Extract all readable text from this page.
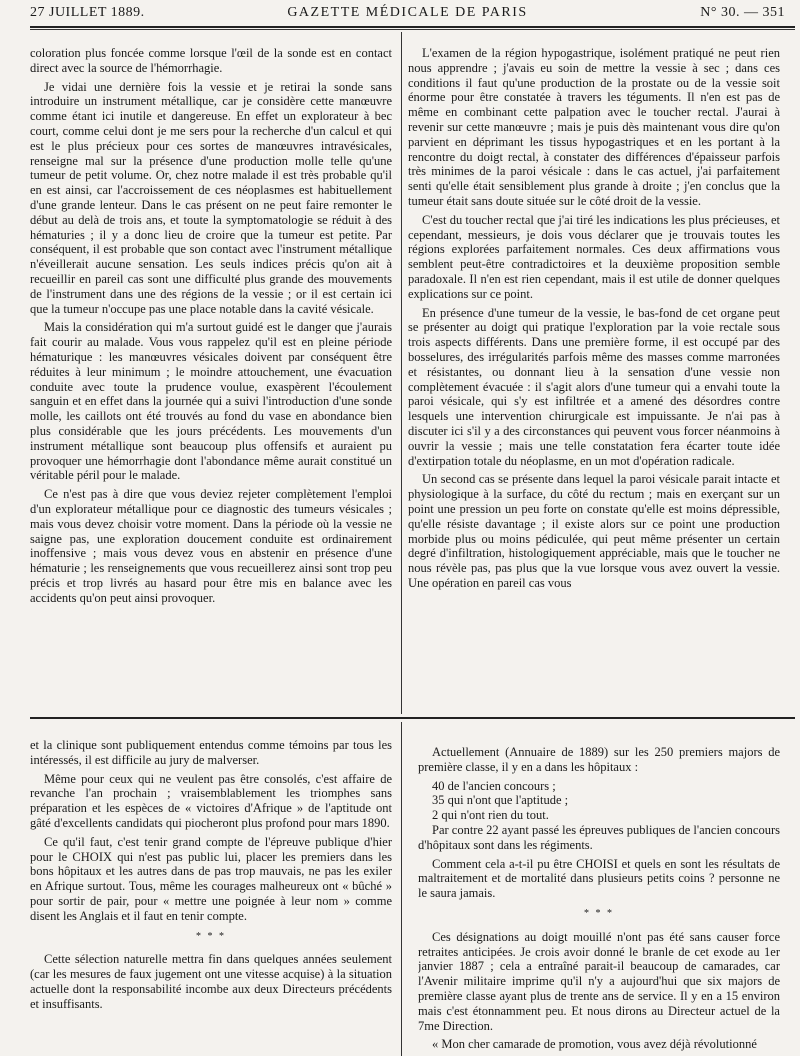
27 JUILLET 1889.	GAZETTE MÉDICALE DE PARIS	N° 30. — 351

coloration plus foncée comme lorsque l'œil de la sonde est en contact direct avec la source de l'hémorrhagie.

Je vidai une dernière fois la vessie et je retirai la sonde sans introduire un instrument métallique, car je considère cette manœuvre comme étant ici inutile et dangereuse. En effet un explorateur à bec court, comme celui dont je me sers pour la recherche d'un calcul et qui est le plus précieux pour ces sortes de manœuvres intravésicales, renseigne mal sur la présence d'une production molle telle qu'une tumeur de petit volume. Or, chez notre malade il est très probable qu'il en est ainsi, car l'accroissement de ces néoplasmes est habituellement d'une grande lenteur. Dans le cas présent on ne peut faire remonter le début au delà de trois ans, et toute la symptomatologie se réduit à des hématuries ; il y a donc lieu de croire que la tumeur est petite. Par conséquent, il est probable que son contact avec l'instrument métallique n'éveillerait aucune sensation. Les seuls indices précis qu'on ait à recueillir en pareil cas sont une difficulté plus grande des mouvements de l'instrument dans une des régions de la vessie ; or il est certain ici que la tumeur n'occupe pas une place notable dans la cavité vésicale.

Mais la considération qui m'a surtout guidé est le danger que j'aurais fait courir au malade. Vous vous rappelez qu'il est en pleine période hématurique : les manœuvres vésicales doivent par conséquent être réduites à leur minimum ; le moindre attouchement, une évacuation conduite avec toute la prudence voulue, exaspèrent l'écoulement sanguin et en effet dans la journée qui a suivi l'introduction d'une sonde molle, les caillots ont été trouvés au fond du vase en abondance bien plus considérable que les jours précédents. Les mouvements d'un instrument métallique sont beaucoup plus offensifs et auraient pu provoquer une hémorrhagie dont l'abondance même aurait constitué un véritable péril pour le malade.

Ce n'est pas à dire que vous deviez rejeter complètement l'emploi d'un explorateur métallique pour ce diagnostic des tumeurs vésicales ; mais vous devez choisir votre moment. Dans la période où la vessie ne saigne pas, une exploration doucement conduite est ordinairement inoffensive ; mais vous devez vous en abstenir en présence d'une hématurie ; les renseignements que vous recueillerez ainsi sont trop peu précis et trop livrés au hasard pour être mis en balance avec les accidents qu'on peut ainsi provoquer.

L'examen de la région hypogastrique, isolément pratiqué ne peut rien nous apprendre ; j'avais eu soin de mettre la vessie à sec ; dans ces conditions il faut qu'une production de la prostate ou de la vessie soit énorme pour être constatée à travers les téguments. Il n'en est pas de même en combinant cette palpation avec le toucher rectal. J'aurai à revenir sur cette manœuvre ; mais je puis dès maintenant vous dire qu'on parvient en déprimant les tissus hypogastriques et en les portant à la rencontre du doigt rectal, à constater des différences d'épaisseur parfois très minimes de la paroi vésicale : dans le cas actuel, j'ai parfaitement senti qu'elle était sensiblement plus grande à droite ; j'en conclus que la tumeur était sans doute située sur le côté droit de la vessie.

C'est du toucher rectal que j'ai tiré les indications les plus précieuses, et cependant, messieurs, je dois vous déclarer que je trouvais toutes les régions explorées parfaitement normales. Ces deux affirmations vous semblent peut-être contradictoires et la deuxième proposition semble paradoxale. Il n'en est rien cependant, mais il est utile de donner quelques explications sur ce point.

En présence d'une tumeur de la vessie, le bas-fond de cet organe peut se présenter au doigt qui pratique l'exploration par la voie rectale sous trois aspects différents. Dans une première forme, il est occupé par des bosselures, des irrégularités parfois même des masses comme marronées et résistantes, ou donnant lieu à la sensation d'une vessie non complètement évacuée : il s'agit alors d'une tumeur qui a envahi toute la paroi vésicale, qui s'y est infiltrée et a amené des désordres contre lesquels une intervention chirurgicale est impuissante. Je n'ai pas à discuter ici s'il y a des circonstances qui peuvent vous forcer néanmoins à ouvrir la vessie ; mais une telle constatation fera écarter toute idée d'extirpation totale du néoplasme, en un mot d'opération radicale.

Un second cas se présente dans lequel la paroi vésicale parait intacte et physiologique à la surface, du côté du rectum ; mais en exerçant sur un point une pression un peu forte on constate qu'elle est moins dépressible, qu'elle résiste davantage ; il existe alors sur ce point une production morbide plus ou moins pédiculée, qui peut même présenter un certain degré d'infiltration, histologiquement appréciable, mais que le toucher ne nous révèle pas, pas plus que la vue lorsque vous avez ouvert la vessie. Une opération en pareil cas vous

et la clinique sont publiquement entendus comme témoins par tous les intéressés, il est difficile au jury de malverser.

Même pour ceux qui ne veulent pas être consolés, c'est affaire de revanche l'an prochain ; vraisemblablement les triomphes sans préparation et les espèces de « victoires d'Afrique » de l'aptitude ont gâté d'excellents candidats qui piocheront plus profond pour mars 1890.

Ce qu'il faut, c'est tenir grand compte de l'épreuve publique d'hier pour le CHOIX qui n'est pas public lui, placer les premiers dans les bons hôpitaux et les autres dans de pas trop mauvais, ne pas les exiler en Afrique surtout. Tous, même les courages malheureux ont « bûché » pour sortir de pair, pour « mettre une poignée à leur nom » comme disent les Anglais et il faut en tenir compte.

* * *

Cette sélection naturelle mettra fin dans quelques années seulement (car les mesures de faux jugement ont une vitesse acquise) à la situation actuelle dont la responsabilité incombe aux deux Directeurs précédents et insuffisants.

Actuellement (Annuaire de 1889) sur les 250 premiers majors de première classe, il y en a dans les hôpitaux :

40 de l'ancien concours ;
35 qui n'ont que l'aptitude ;
2 qui n'ont rien du tout.

Par contre 22 ayant passé les épreuves publiques de l'ancien concours d'hôpitaux sont dans les régiments.

Comment cela a-t-il pu être CHOISI et quels en sont les résultats de maltraitement et de mortalité dans plusieurs petits coins ? personne ne le saura jamais.

* * *

Ces désignations au doigt mouillé n'ont pas été sans causer force retraites anticipées. Je crois avoir donné le branle de cet exode au 1er janvier 1887 ; cela a entraîné parait-il beaucoup de camarades, car l'Avenir militaire imprime qu'il n'y a aujourd'hui que six majors de première classe ayant plus de trente ans de service. Il y en a 15 environ mais c'est étonnamment peu. Et nous dirons au Directeur actuel de la 7me Direction.

« Mon cher camarade de promotion, vous avez déjà révolutionné
